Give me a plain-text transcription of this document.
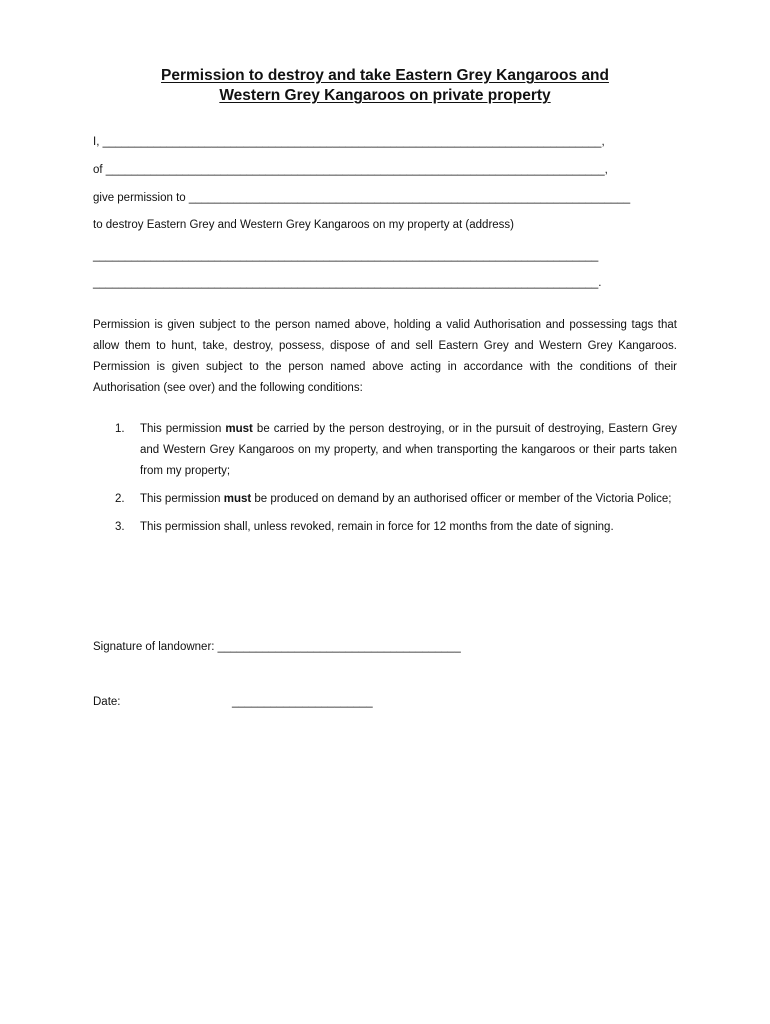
Permission to destroy and take Eastern Grey Kangaroos and
Western Grey Kangaroos on private property
I, ______________________________________________________________________________,
of ______________________________________________________________________________,
give permission to _____________________________________________________________________
to destroy Eastern Grey and Western Grey Kangaroos on my property at (address)
_______________________________________________________________________________
_______________________________________________________________________________.

Permission is given subject to the person named above, holding a valid Authorisation and possessing tags that allow them to hunt, take, destroy, possess, dispose of and sell Eastern Grey and Western Grey Kangaroos. Permission is given subject to the person named above acting in accordance with the conditions of their Authorisation (see over) and the following conditions:

1. This permission must be carried by the person destroying, or in the pursuit of destroying, Eastern Grey and Western Grey Kangaroos on my property, and when transporting the kangaroos or their parts taken from my property;
2. This permission must be produced on demand by an authorised officer or member of the Victoria Police;
3. This permission shall, unless revoked, remain in force for 12 months from the date of signing.
Signature of landowner: ______________________________________
Date:	______________________
